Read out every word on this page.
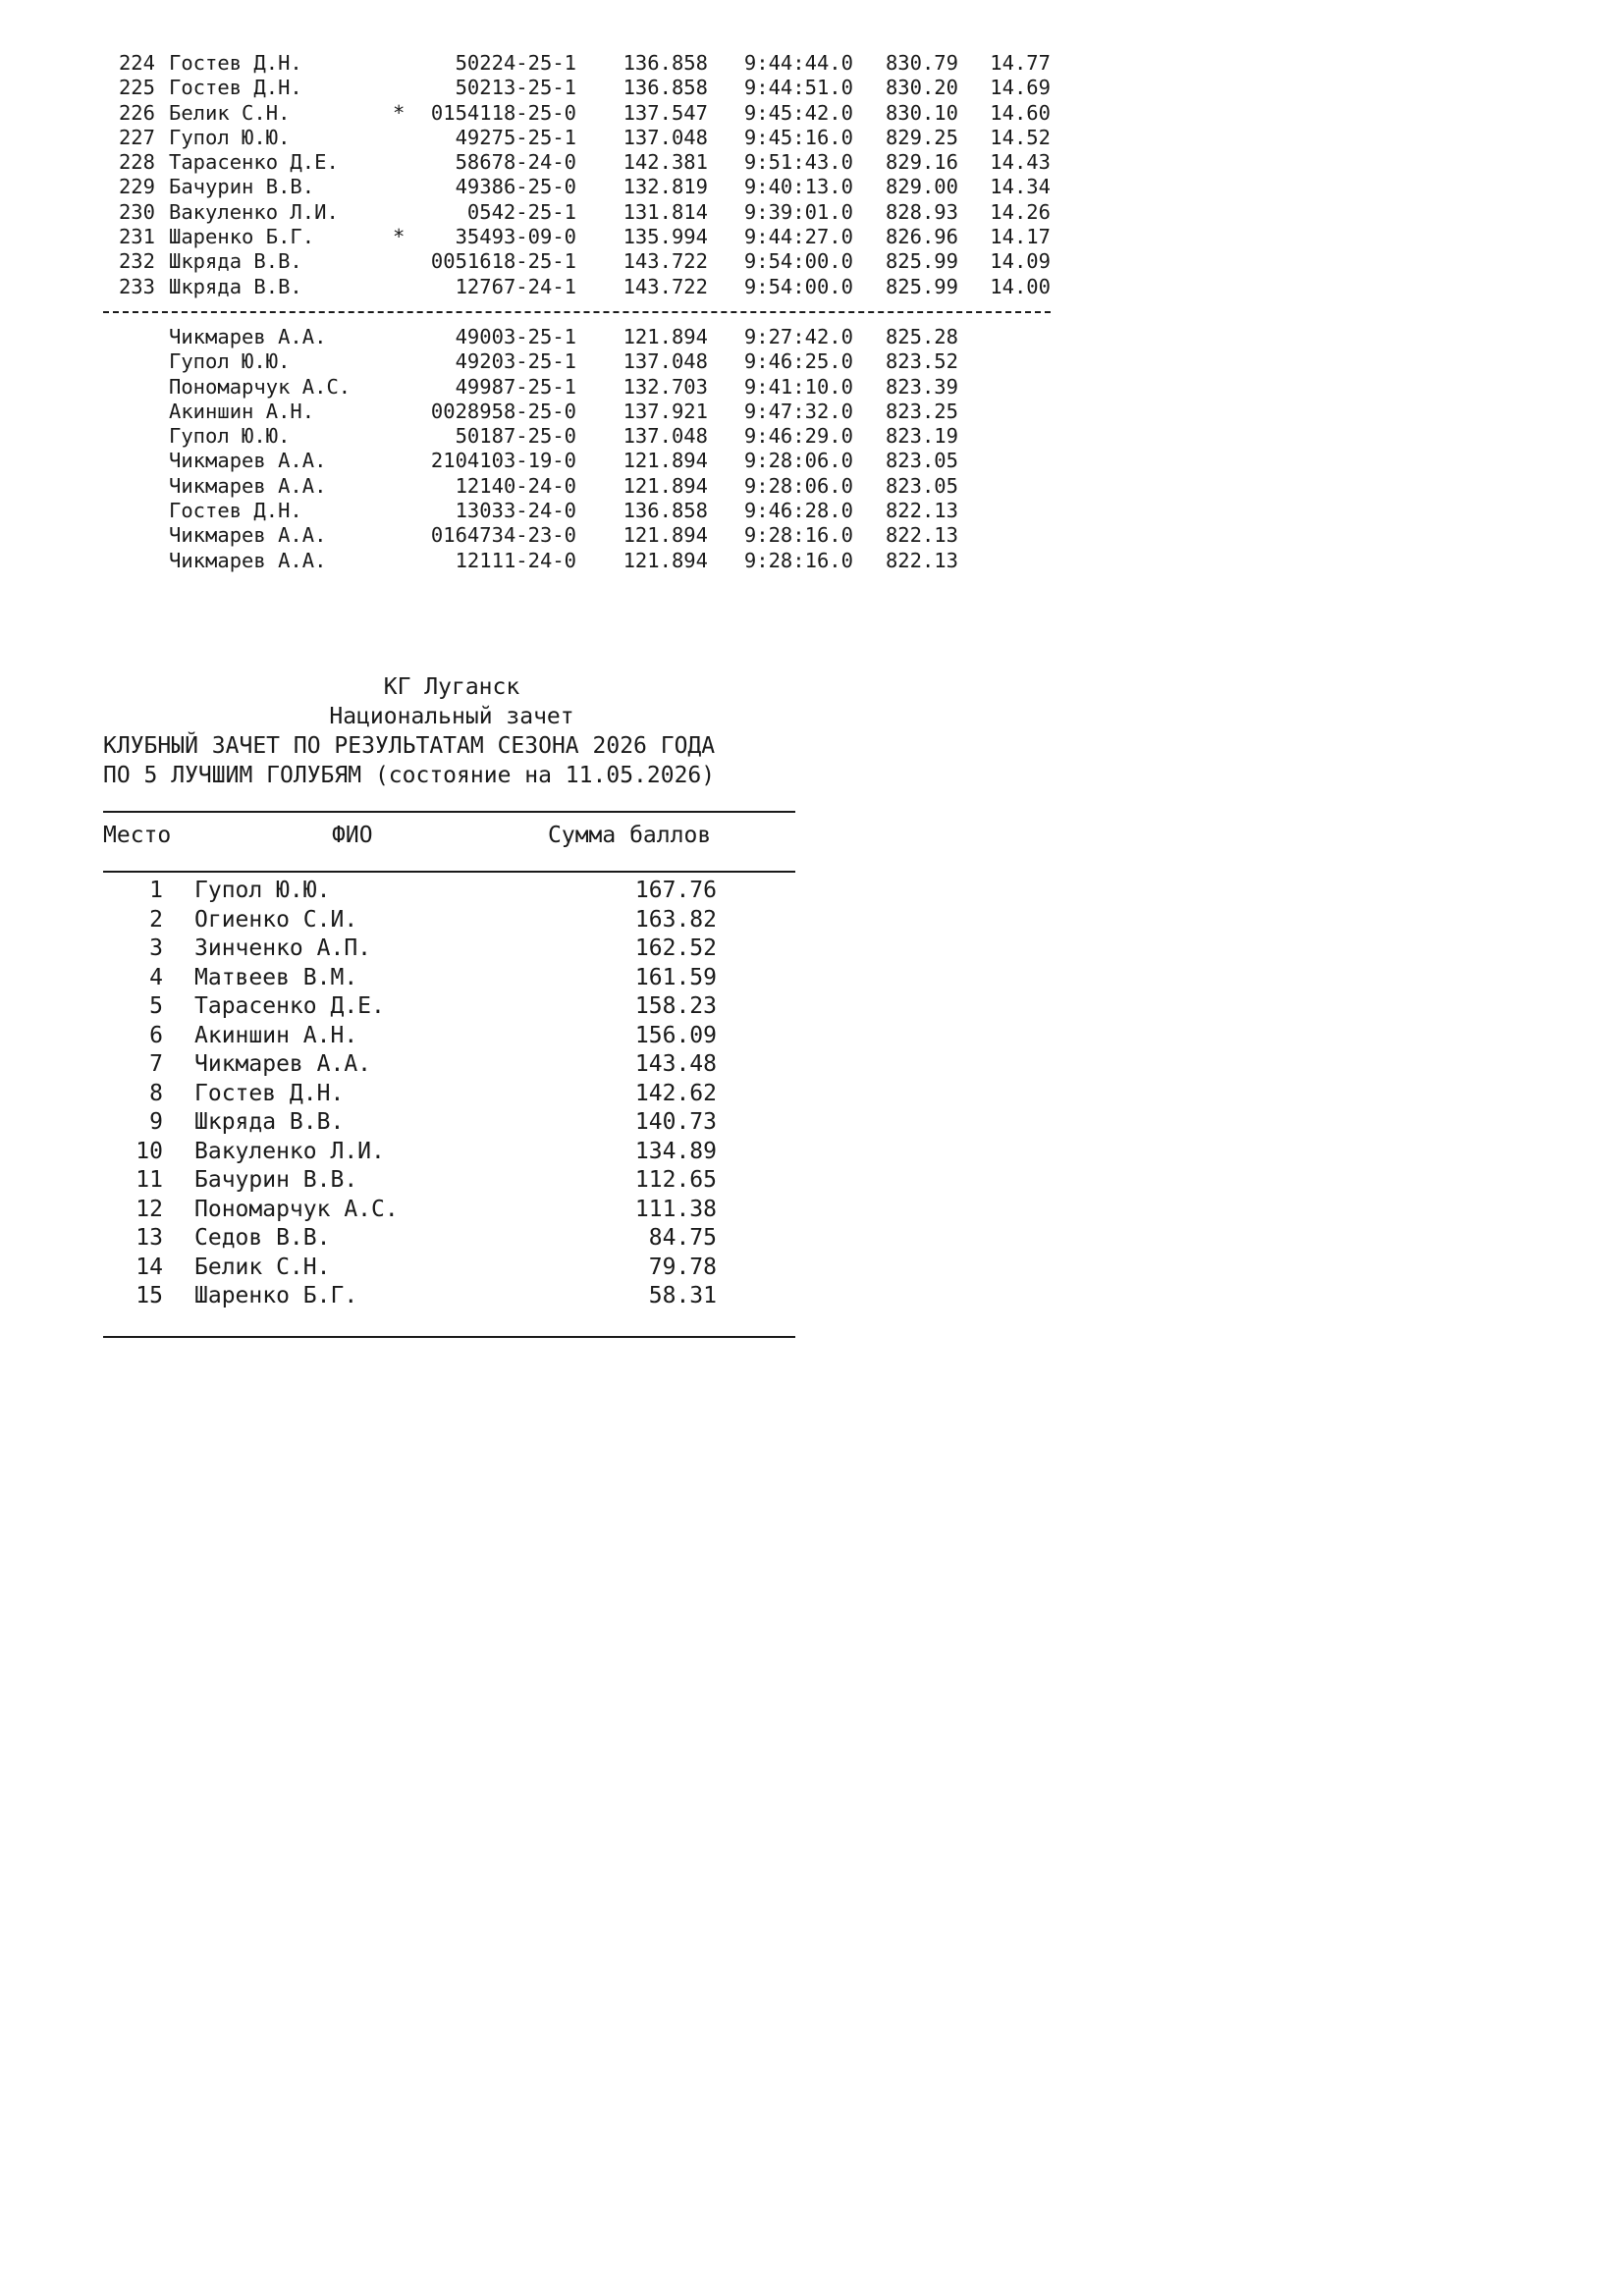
224 Гостев Д.Н.	50224-25-1	136.858	9:44:44.0	830.79	14.77
225 Гостев Д.Н.	50213-25-1	136.858	9:44:51.0	830.20	14.69
226 Белик С.Н.	*	0154118-25-0	137.547	9:45:42.0	830.10	14.60
227 Гупол Ю.Ю.	49275-25-1	137.048	9:45:16.0	829.25	14.52
228 Тарасенко Д.Е.	58678-24-0	142.381	9:51:43.0	829.16	14.43
229 Бачурин В.В.	49386-25-0	132.819	9:40:13.0	829.00	14.34
230 Вакуленко Л.И.	0542-25-1	131.814	9:39:01.0	828.93	14.26
231 Шаренко Б.Г.	*	35493-09-0	135.994	9:44:27.0	826.96	14.17
232 Шкряда В.В.	0051618-25-1	143.722	9:54:00.0	825.99	14.09
233 Шкряда В.В.	12767-24-1	143.722	9:54:00.0	825.99	14.00
Чикмарев А.А.	49003-25-1	121.894	9:27:42.0	825.28
Гупол Ю.Ю.	49203-25-1	137.048	9:46:25.0	823.52
Пономарчук А.С.	49987-25-1	132.703	9:41:10.0	823.39
Акиншин А.Н.	0028958-25-0	137.921	9:47:32.0	823.25
Гупол Ю.Ю.	50187-25-0	137.048	9:46:29.0	823.19
Чикмарев А.А.	2104103-19-0	121.894	9:28:06.0	823.05
Чикмарев А.А.	12140-24-0	121.894	9:28:06.0	823.05
Гостев Д.Н.	13033-24-0	136.858	9:46:28.0	822.13
Чикмарев А.А.	0164734-23-0	121.894	9:28:16.0	822.13
Чикмарев А.А.	12111-24-0	121.894	9:28:16.0	822.13
КГ Луганск
Национальный зачет
КЛУБНЫЙ ЗАЧЕТ ПО РЕЗУЛЬТАТАМ СЕЗОНА 2026 ГОДА
ПО 5 ЛУЧШИМ ГОЛУБЯМ (состояние на 11.05.2026)
Место	ФИО	Сумма баллов
1 Гупол Ю.Ю.	167.76
2 Огиенко С.И.	163.82
3 Зинченко А.П.	162.52
4 Матвеев В.М.	161.59
5 Тарасенко Д.Е.	158.23
6 Акиншин А.Н.	156.09
7 Чикмарев А.А.	143.48
8 Гостев Д.Н.	142.62
9 Шкряда В.В.	140.73
10 Вакуленко Л.И.	134.89
11 Бачурин В.В.	112.65
12 Пономарчук А.С.	111.38
13 Седов В.В.	84.75
14 Белик С.Н.	79.78
15 Шаренко Б.Г.	58.31
